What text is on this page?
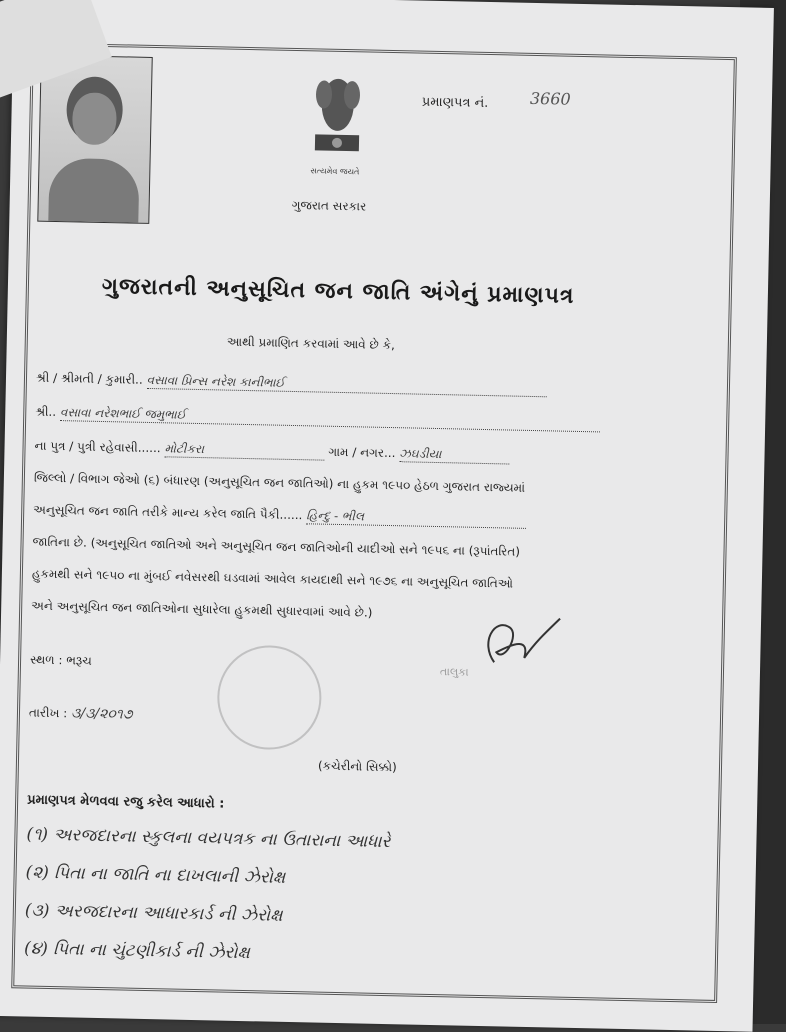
સત્યમેવ જયતે
ગુજરાત સરકાર
પ્રમાણપત્ર નં.	3660
ગુજરાતની અનુસૂચિત જન જાતિ અંગેનું પ્રમાણપત્ર
આથી પ્રમાણિત કરવામાં આવે છે કે,
શ્રી / શ્રીમતી / કુમારી.. વસાવા પ્રિન્સ નરેશ કાનીભાઈ
શ્રી.. વસાવા નરેશભાઈ જમુભાઈ
ના પુત્ર / પુત્રી રહેવાસી...... મોટીકરા	ગામ / નગર... ઝઘડીયા
જિલ્લો / વિભાગ જેઓ (૬) બંધારણ (અનુસૂચિત જન જાતિઓ) ના હુકમ ૧૯૫૦ હેઠળ ગુજરાત રાજ્યમાં
અનુસૂચિત જન જાતિ તરીકે માન્ય કરેલ જાતિ પૈકી...... હિન્દુ - ભીલ
જાતિના છે. (અનુસૂચિત જાતિઓ અને અનુસૂચિત જન જાતિઓની યાદીઓ સને ૧૯૫૬ ના (રૂપાંતરિત)
હુકમથી સને ૧૯૫૦ ના મુંબઈ નવેસરથી ઘડવામાં આવેલ કાયદાથી સને ૧૯૭૬ ના અનુસૂચિત જાતિઓ
અને અનુસૂચિત જન જાતિઓના સુધારેલા હુકમથી સુધારવામાં આવે છે.)
સ્થળ : ભરૂચ
તારીખ : ૩/૩/૨૦૧૭
તાલુકા
(કચેરીનો સિક્કો)
પ્રમાણપત્ર મેળવવા રજુ કરેલ આધારો :
(૧) અરજદારના સ્કુલના વયપત્રક ના ઉતારાના આધારે
(૨) પિતા ના જાતિ ના દાખલાની ઝેરોક્ષ
(૩) અરજદારના આધારકાર્ડ ની ઝેરોક્ષ
(૪) પિતા ના ચુંટણીકાર્ડ ની ઝેરોક્ષ
